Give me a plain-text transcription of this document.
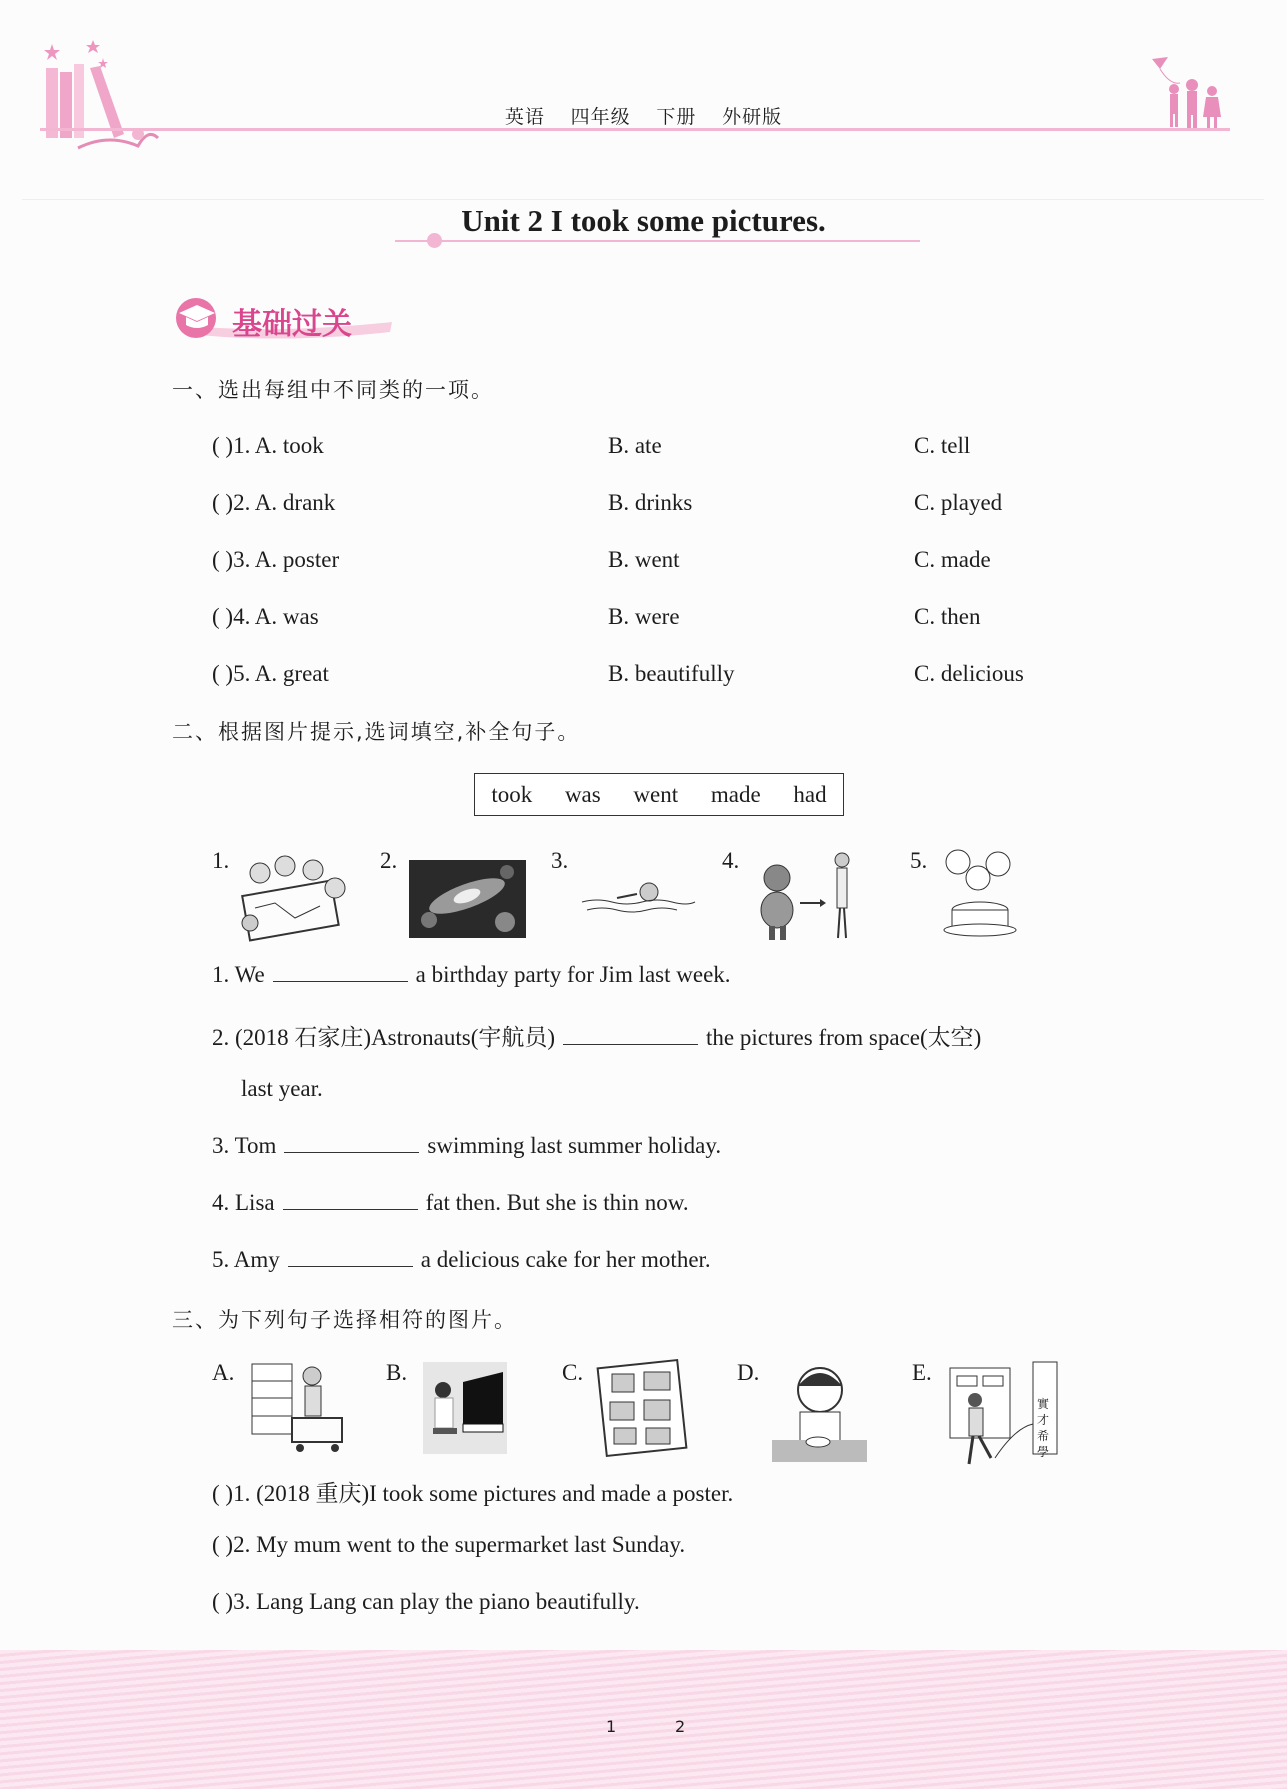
英语 四年级 下册 外研版
Unit 2 I took some pictures.
基础过关
一、选出每组中不同类的一项。
( )1. A. took	B. ate	C. tell
( )2. A. drank	B. drinks	C. played
( )3. A. poster	B. went	C. made
( )4. A. was	B. were	C. then
( )5. A. great	B. beautifully	C. delicious
二、根据图片提示,选词填空,补全句子。
took was went made had
1.	2.	3.	4.	5.
1. We	a birthday party for Jim last week.
2. (2018 石家庄)Astronauts(宇航员)	the pictures from space(太空)
last year.
3. Tom	swimming last summer holiday.
4. Lisa	fat then. But she is thin now.
5. Amy	a delicious cake for her mother.
三、为下列句子选择相符的图片。
A.	B.	C.	D.	E.
實才希學
( )1. (2018 重庆)I took some pictures and made a poster.
( )2. My mum went to the supermarket last Sunday.
( )3. Lang Lang can play the piano beautifully.
1	2
